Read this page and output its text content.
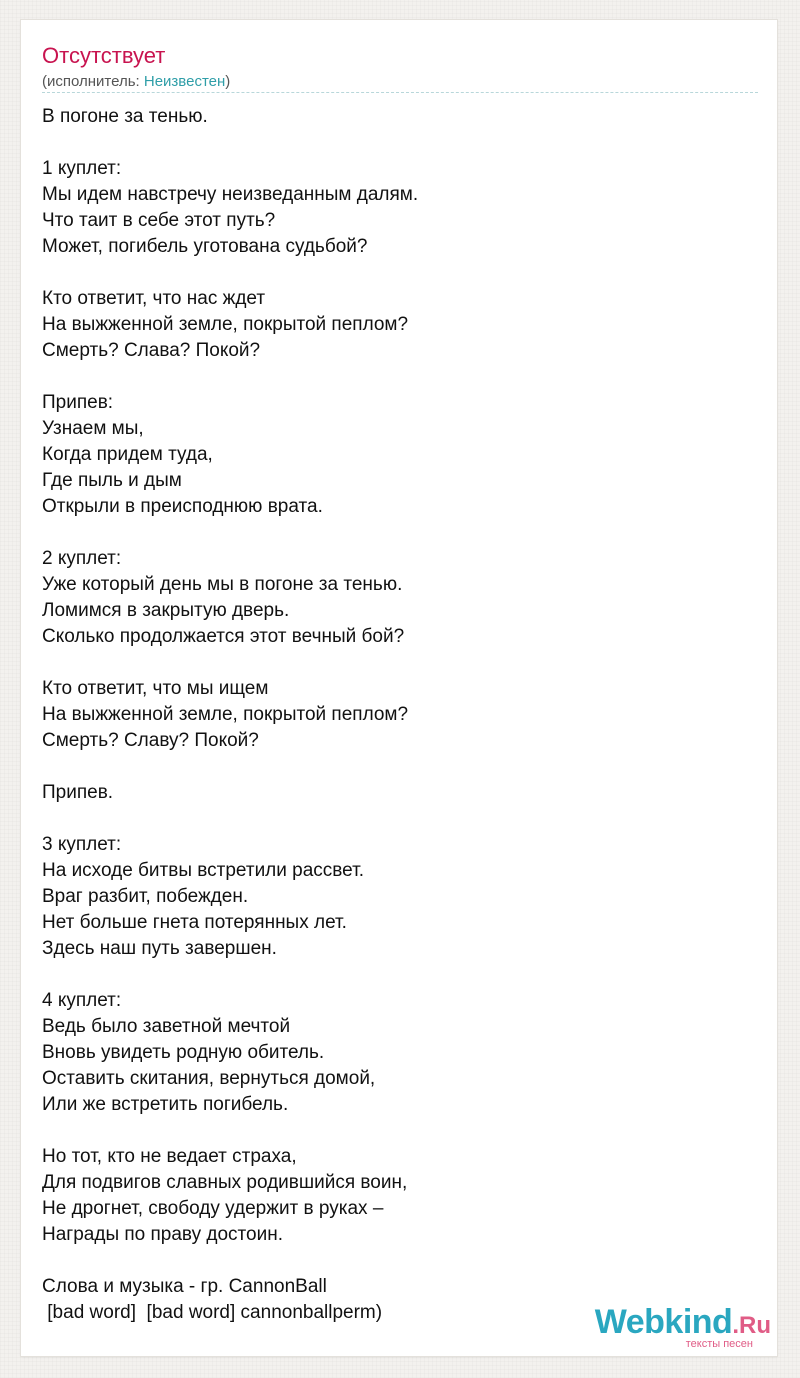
Отсутствует
(исполнитель: Неизвестен)
В погоне за тенью.

1 куплет:
Мы идем навстречу неизведанным далям.
Что таит в себе этот путь?
Может, погибель уготована судьбой?

Кто ответит, что нас ждет
На выжженной земле, покрытой пеплом?
Смерть? Слава? Покой?

Припев:
Узнаем мы,
Когда придем туда,
Где пыль и дым
Открыли в преисподнюю врата.

2 куплет:
Уже который день мы в погоне за тенью.
Ломимся в закрытую дверь.
Сколько продолжается этот вечный бой?

Кто ответит, что мы ищем
На выжженной земле, покрытой пеплом?
Смерть? Славу? Покой?

Припев.

3 куплет:
На исходе битвы встретили рассвет.
Враг разбит, побежден.
Нет больше гнета потерянных лет.
Здесь наш путь завершен.

4 куплет:
Ведь было заветной мечтой
Вновь увидеть родную обитель.
Оставить скитания, вернуться домой,
Или же встретить погибель.

Но тот, кто не ведает страха,
Для подвигов славных родившийся воин,
Не дрогнет, свободу удержит в руках –
Награды по праву достоин.

Слова и музыка - гр. CannonBall
[bad word]  [bad word] cannonballperm)	Webkind.Ru
тексты песен
